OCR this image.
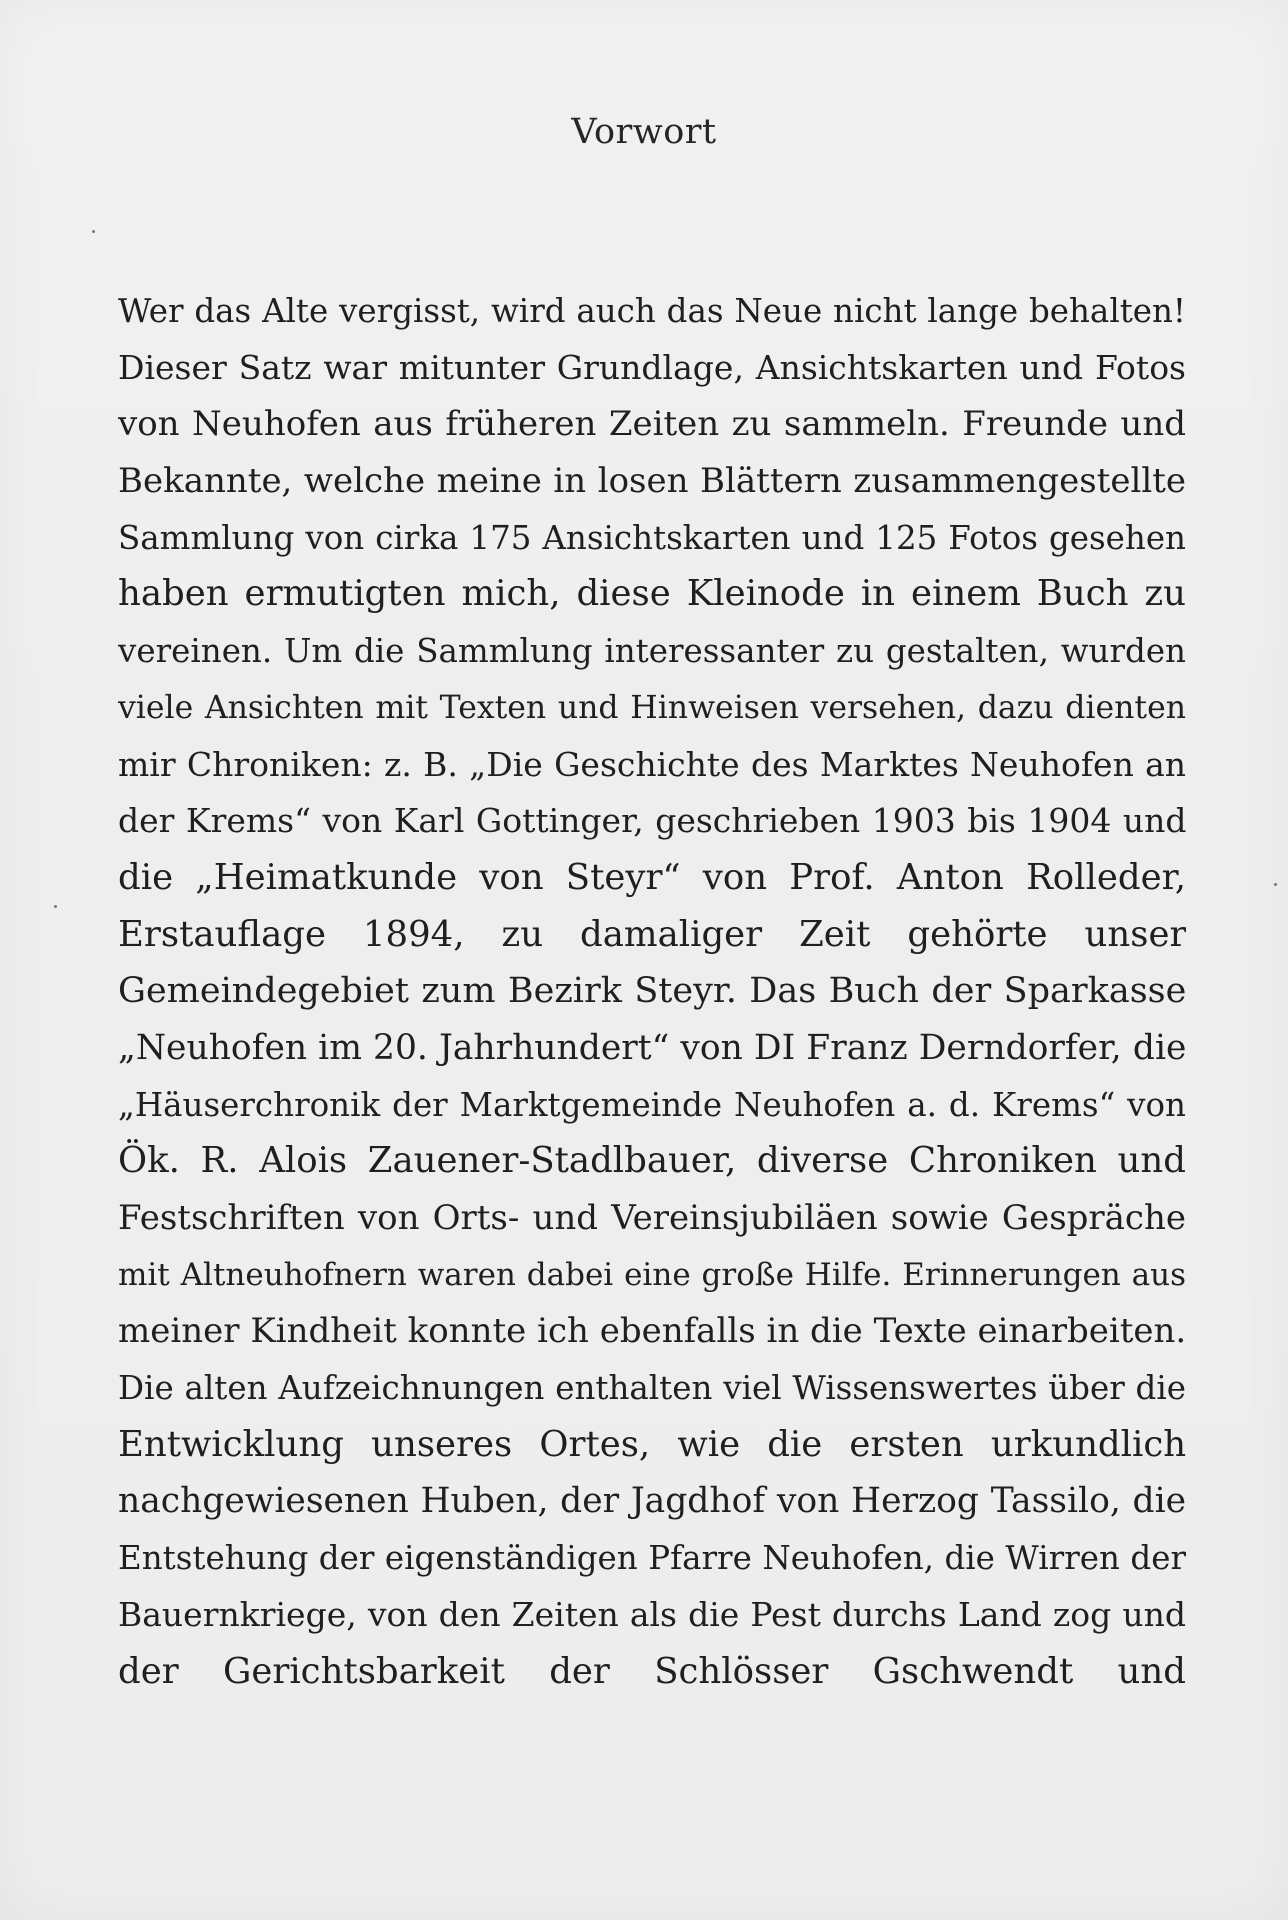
Vorwort
Wer das Alte vergisst, wird auch das Neue nicht lange behalten!
Dieser Satz war mitunter Grundlage, Ansichtskarten und Fotos
von Neuhofen aus früheren Zeiten zu sammeln. Freunde und
Bekannte, welche meine in losen Blättern zusammengestellte
Sammlung von cirka 175 Ansichtskarten und 125 Fotos gesehen
haben ermutigten mich, diese Kleinode in einem Buch zu
vereinen. Um die Sammlung interessanter zu gestalten, wurden
viele Ansichten mit Texten und Hinweisen versehen, dazu dienten
mir Chroniken: z. B. „Die Geschichte des Marktes Neuhofen an
der Krems“ von Karl Gottinger, geschrieben 1903 bis 1904 und
die „Heimatkunde von Steyr“ von Prof. Anton Rolleder,
Erstauflage 1894, zu damaliger Zeit gehörte unser
Gemeindegebiet zum Bezirk Steyr. Das Buch der Sparkasse
„Neuhofen im 20. Jahrhundert“ von DI Franz Derndorfer, die
„Häuserchronik der Marktgemeinde Neuhofen a. d. Krems“ von
Ök. R. Alois Zauener-Stadlbauer, diverse Chroniken und
Festschriften von Orts- und Vereinsjubiläen sowie Gespräche
mit Altneuhofnern waren dabei eine große Hilfe. Erinnerungen aus
meiner Kindheit konnte ich ebenfalls in die Texte einarbeiten.
Die alten Aufzeichnungen enthalten viel Wissenswertes über die
Entwicklung unseres Ortes, wie die ersten urkundlich
nachgewiesenen Huben, der Jagdhof von Herzog Tassilo, die
Entstehung der eigenständigen Pfarre Neuhofen, die Wirren der
Bauernkriege, von den Zeiten als die Pest durchs Land zog und
der Gerichtsbarkeit der Schlösser Gschwendt und
